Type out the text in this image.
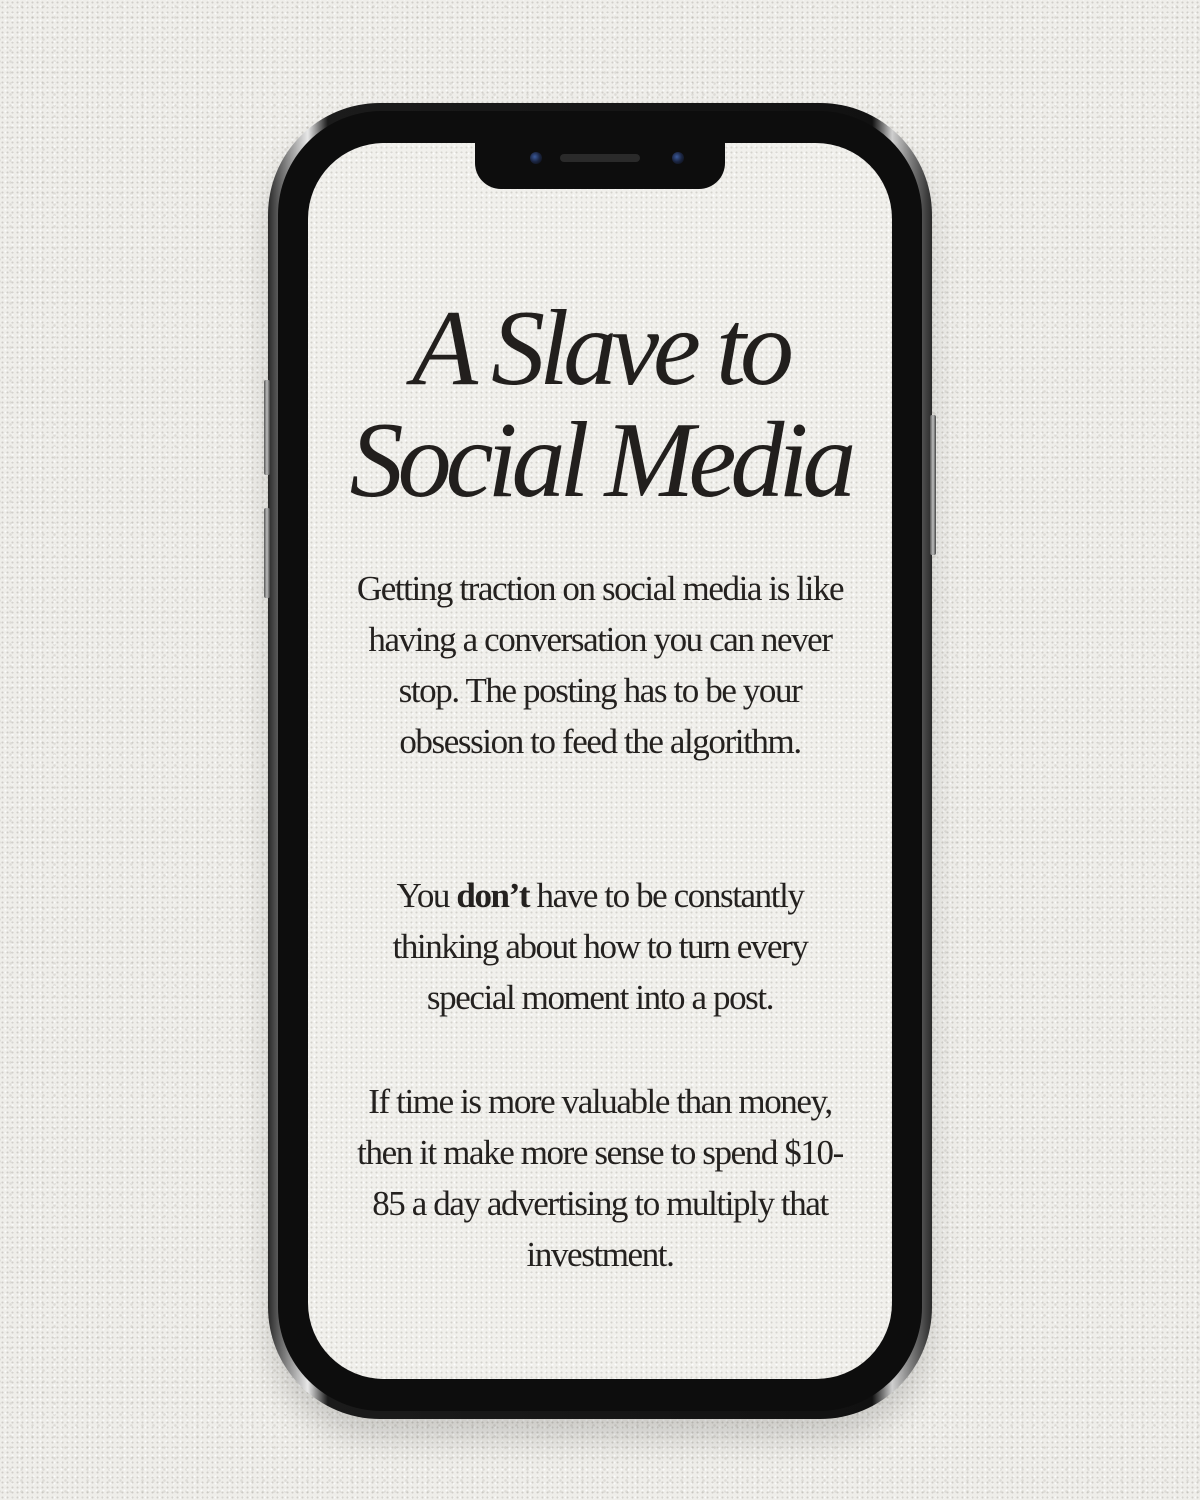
A Slave to
Social Media

Getting traction on social media is like having a conversation you can never stop. The posting has to be your obsession to feed the algorithm.

You don’t have to be constantly thinking about how to turn every special moment into a post.

If time is more valuable than money, then it make more sense to spend $10-85 a day advertising to multiply that investment.
